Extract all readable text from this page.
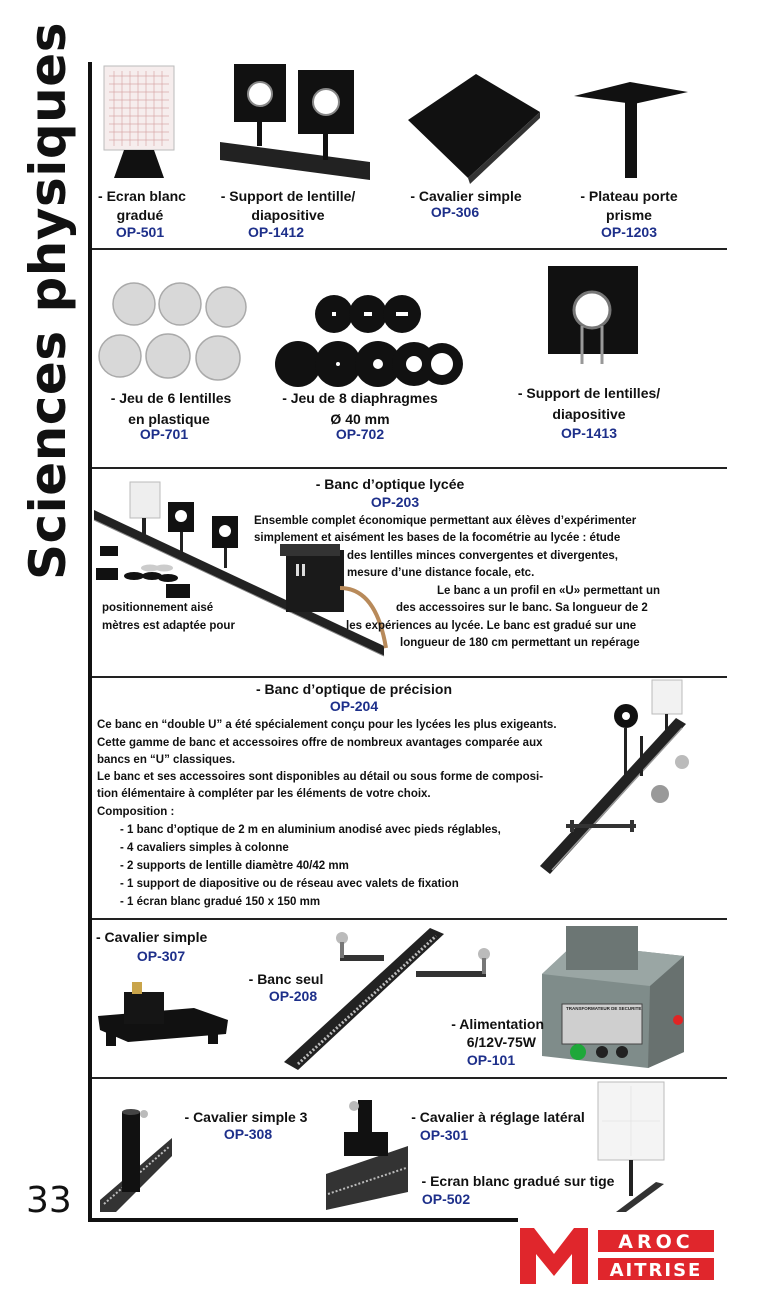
Sciences physiques
33
- Ecran blanc
gradué
OP-501
- Support de lentille/
diapositive
OP-1412
- Cavalier simple
OP-306
- Plateau porte
prisme
OP-1203
- Jeu de 6 lentilles
en plastique
OP-701
- Jeu de 8 diaphragmes
Ø 40 mm
OP-702
- Support de lentilles/
diapositive
OP-1413
- Banc d’optique lycée
OP-203
Ensemble complet économique permettant aux élèves d’expérimenter
simplement et aisément les bases de la focométrie au lycée : étude
des lentilles minces convergentes et divergentes,
mesure d’une distance focale, etc.
Le banc a un profil en «U» permettant un
des accessoires sur le banc. Sa longueur de 2
les expériences au lycée. Le banc est gradué sur une
longueur de 180 cm permettant un repérage
positionnement aisé
mètres est adaptée pour
- Banc d’optique de précision
OP-204
Ce banc en “double U” a été spécialement conçu pour les lycées les plus exigeants.
Cette gamme de banc et accessoires offre de nombreux avantages comparée aux
bancs en “U” classiques.
Le banc et ses accessoires sont disponibles au détail ou sous forme de composi-
tion élémentaire à compléter par les éléments de votre choix.
Composition :
- 1 banc d’optique de 2 m en aluminium anodisé avec pieds réglables,
- 4 cavaliers simples à colonne
- 2 supports de lentille diamètre 40/42 mm
- 1 support de diapositive ou de réseau avec valets de fixation
- 1 écran blanc gradué 150 x 150 mm
- Cavalier simple
OP-307
- Banc seul
OP-208
TRANSFORMATEUR DE SECURITE
- Alimentation
6/12V-75W
OP-101
- Cavalier simple 3
OP-308
- Cavalier à réglage latéral
OP-301
- Ecran blanc gradué sur tige
OP-502
AROC
AITRISE
